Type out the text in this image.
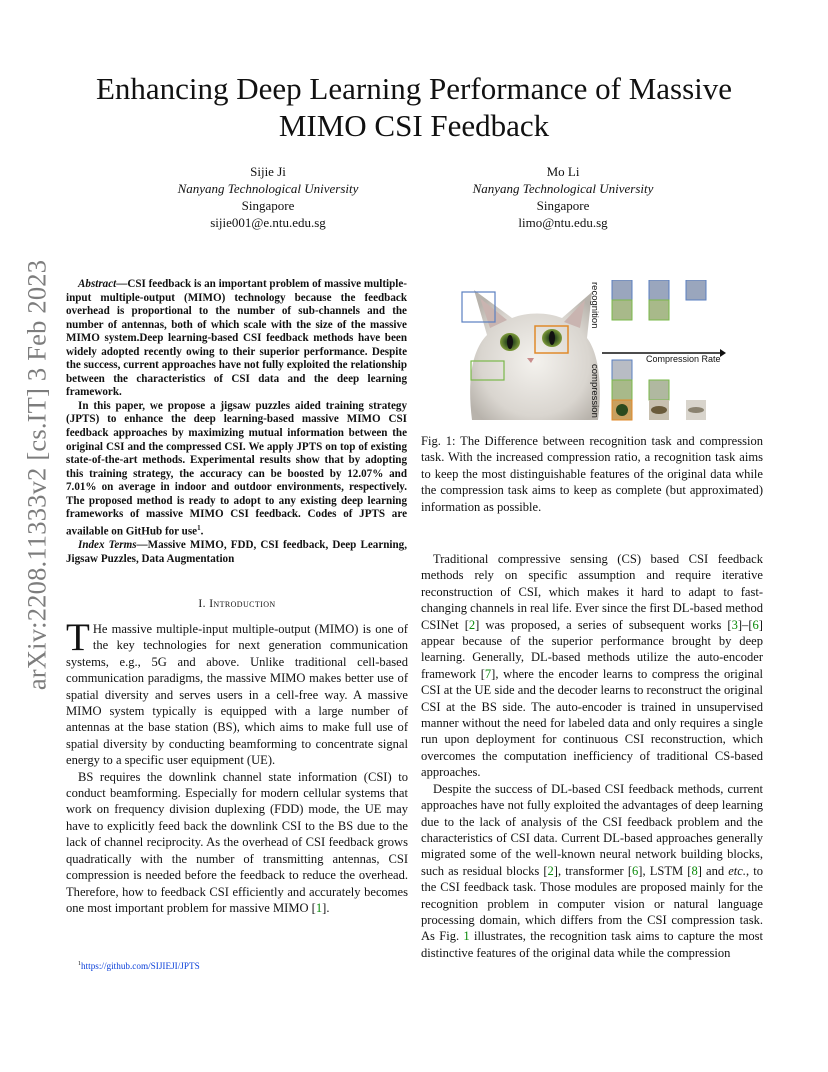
arXiv:2208.11333v2 [cs.IT] 3 Feb 2023
Enhancing Deep Learning Performance of Massive
MIMO CSI Feedback
Sijie Ji
Nanyang Technological University
Singapore
sijie001@e.ntu.edu.sg
Mo Li
Nanyang Technological University
Singapore
limo@ntu.edu.sg

Abstract—CSI feedback is an important problem of massive multiple-input multiple-output (MIMO) technology because the feedback overhead is proportional to the number of sub-channels and the number of antennas, both of which scale with the size of the massive MIMO system.Deep learning-based CSI feedback methods have been widely adopted recently owing to their superior performance. Despite the success, current approaches have not fully exploited the relationship between the characteristics of CSI data and the deep learning framework.

In this paper, we propose a jigsaw puzzles aided training strategy (JPTS) to enhance the deep learning-based massive MIMO CSI feedback approaches by maximizing mutual information between the original CSI and the compressed CSI. We apply JPTS on top of existing state-of-the-art methods. Experimental results show that by adopting this training strategy, the accuracy can be boosted by 12.07% and 7.01% on average in indoor and outdoor environments, respectively. The proposed method is ready to adopt to any existing deep learning frameworks of massive MIMO CSI feedback. Codes of JPTS are available on GitHub for use$^1$.

Index Terms—Massive MIMO, FDD, CSI feedback, Deep Learning, Jigsaw Puzzles, Data Augmentation

I. Introduction

T He massive multiple-input multiple-output (MIMO) is one of the key technologies for next generation communication systems, e.g., 5G and above. Unlike traditional cell-based communication paradigms, the massive MIMO makes better use of spatial diversity and serves users in a cell-free way. A massive MIMO system typically is equipped with a large number of antennas at the base station (BS), which aims to make full use of spatial diversity by conducting beamforming to concentrate signal energy to a specific user equipment (UE).

BS requires the downlink channel state information (CSI) to conduct beamforming. Especially for modern cellular systems that work on frequency division duplexing (FDD) mode, the UE may have to explicitly feed back the downlink CSI to the BS due to the lack of channel reciprocity. As the overhead of CSI feedback grows quadratically with the number of transmitting antennas, CSI compression is needed before the feedback to reduce the overhead. Therefore, how to feedback CSI efficiently and accurately becomes one most important problem for massive MIMO [1].

$^1$https://github.com/SIJIEJI/JPTS
recognition
compression
Compression Rate
Fig. 1: The Difference between recognition task and compression task. With the increased compression ratio, a recognition task aims to keep the most distinguishable features of the original data while the compression task aims to keep as complete (but approximated) information as possible.

Traditional compressive sensing (CS) based CSI feedback methods rely on specific assumption and require iterative reconstruction of CSI, which makes it hard to adapt to fast-changing channels in real life. Ever since the first DL-based method CSINet [2] was proposed, a series of subsequent works [3]–[6] appear because of the superior performance brought by deep learning. Generally, DL-based methods utilize the auto-encoder framework [7], where the encoder learns to compress the original CSI at the UE side and the decoder learns to reconstruct the original CSI at the BS side. The auto-encoder is trained in unsupervised manner without the need for labeled data and only requires a single run upon deployment for continuous CSI reconstruction, which overcomes the computation inefficiency of traditional CS-based approaches.

Despite the success of DL-based CSI feedback methods, current approaches have not fully exploited the advantages of deep learning due to the lack of analysis of the CSI feedback problem and the characteristics of CSI data. Current DL-based approaches generally migrated some of the well-known neural network building blocks, such as residual blocks [2], transformer [6], LSTM [8] and etc., to the CSI feedback task. Those modules are proposed mainly for the recognition problem in computer vision or natural language processing domain, which differs from the CSI compression task. As Fig. 1 illustrates, the recognition task aims to capture the most distinctive features of the original data while the compression
